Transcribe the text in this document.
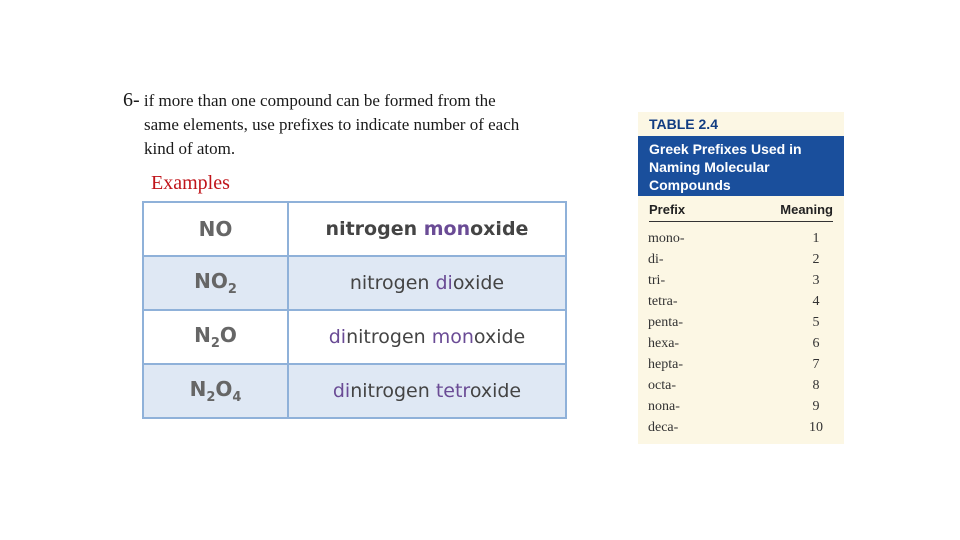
6- if more than one compound can be formed from the
same elements, use prefixes to indicate number of each
kind of atom.
Examples
NO	nitrogen monoxide
$NO_2$	nitrogen dioxide
$N_2O$	dinitrogen monoxide
$N_2O_4$	dinitrogen tetroxide
TABLE 2.4
Greek Prefixes Used in Naming Molecular Compounds
Prefix	Meaning
mono-	1
di-	2
tri-	3
tetra-	4
penta-	5
hexa-	6
hepta-	7
octa-	8
nona-	9
deca-	10
